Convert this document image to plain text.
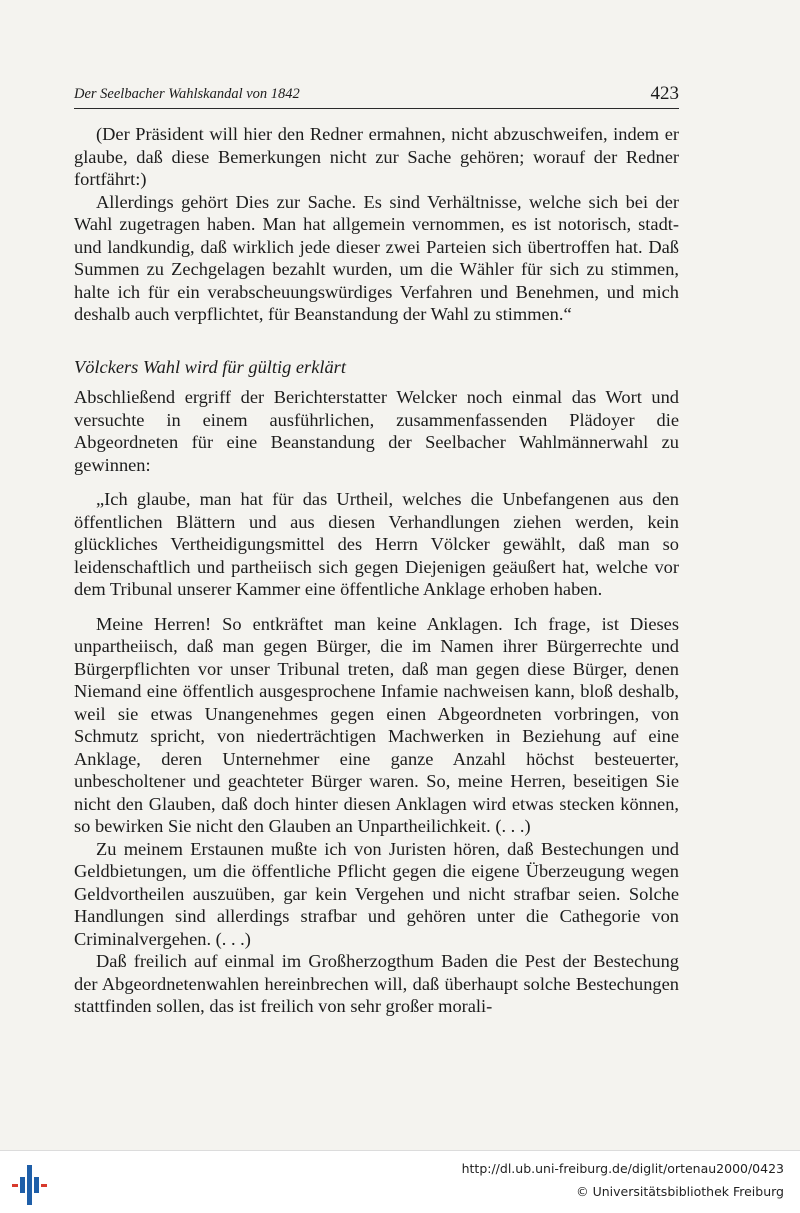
Der Seelbacher Wahlskandal von 1842	423

(Der Präsident will hier den Redner ermahnen, nicht abzuschweifen, indem er glaube, daß diese Bemerkungen nicht zur Sache gehören; worauf der Redner fortfährt:)

Allerdings gehört Dies zur Sache. Es sind Verhältnisse, welche sich bei der Wahl zugetragen haben. Man hat allgemein vernommen, es ist notorisch, stadt- und landkundig, daß wirklich jede dieser zwei Parteien sich übertroffen hat. Daß Summen zu Zechgelagen bezahlt wurden, um die Wähler für sich zu stimmen, halte ich für ein verabscheuungswürdiges Verfahren und Benehmen, und mich deshalb auch verpflichtet, für Beanstandung der Wahl zu stimmen.“

Völckers Wahl wird für gültig erklärt

Abschließend ergriff der Berichterstatter Welcker noch einmal das Wort und versuchte in einem ausführlichen, zusammenfassenden Plädoyer die Abgeordneten für eine Beanstandung der Seelbacher Wahlmännerwahl zu gewinnen:

„Ich glaube, man hat für das Urtheil, welches die Unbefangenen aus den öffentlichen Blättern und aus diesen Verhandlungen ziehen werden, kein glückliches Vertheidigungsmittel des Herrn Völcker gewählt, daß man so leidenschaftlich und partheiisch sich gegen Diejenigen geäußert hat, welche vor dem Tribunal unserer Kammer eine öffentliche Anklage erhoben haben.

Meine Herren! So entkräftet man keine Anklagen. Ich frage, ist Dieses unpartheiisch, daß man gegen Bürger, die im Namen ihrer Bürgerrechte und Bürgerpflichten vor unser Tribunal treten, daß man gegen diese Bürger, denen Niemand eine öffentlich ausgesprochene Infamie nachweisen kann, bloß deshalb, weil sie etwas Unangenehmes gegen einen Abgeordneten vorbringen, von Schmutz spricht, von niederträchtigen Machwerken in Beziehung auf eine Anklage, deren Unternehmer eine ganze Anzahl höchst besteuerter, unbescholtener und geachteter Bürger waren. So, meine Herren, beseitigen Sie nicht den Glauben, daß doch hinter diesen Anklagen wird etwas stecken können, so bewirken Sie nicht den Glauben an Unpartheilichkeit. (. . .)

Zu meinem Erstaunen mußte ich von Juristen hören, daß Bestechungen und Geldbietungen, um die öffentliche Pflicht gegen die eigene Überzeugung wegen Geldvortheilen auszuüben, gar kein Vergehen und nicht strafbar seien. Solche Handlungen sind allerdings strafbar und gehören unter die Cathegorie von Criminalvergehen. (. . .)

Daß freilich auf einmal im Großherzogthum Baden die Pest der Bestechung der Abgeordnetenwahlen hereinbrechen will, daß überhaupt solche Bestechungen stattfinden sollen, das ist freilich von sehr großer morali-

http://dl.ub.uni-freiburg.de/diglit/ortenau2000/0423
© Universitätsbibliothek Freiburg
